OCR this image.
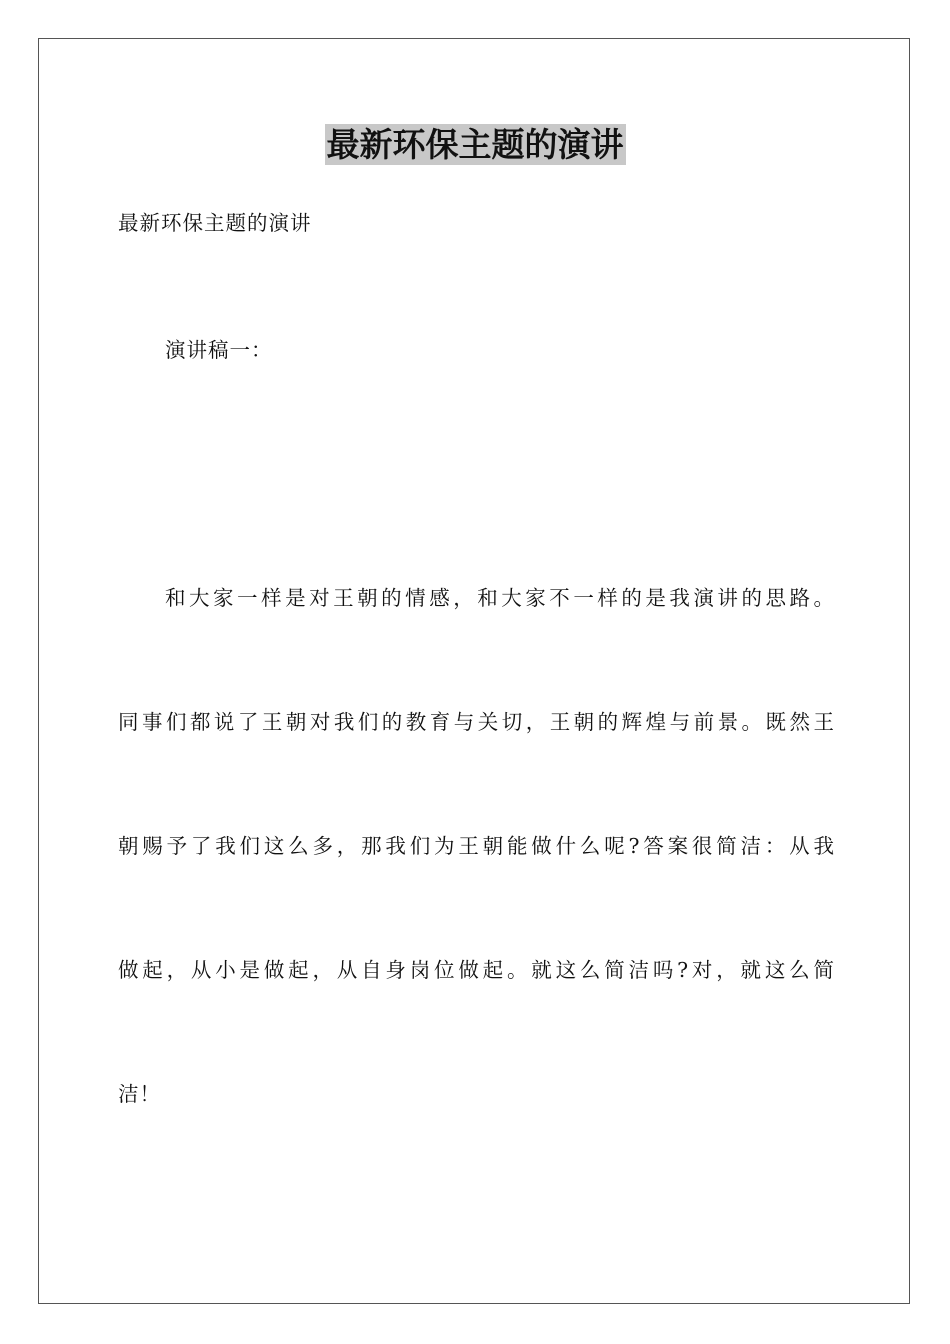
最新环保主题的演讲

最新环保主题的演讲

演讲稿一：

和大家一样是对王朝的情感，和大家不一样的是我演讲的思路。

同事们都说了王朝对我们的教育与关切，王朝的辉煌与前景。既然王

朝赐予了我们这么多，那我们为王朝能做什么呢?答案很简洁：从我

做起，从小是做起，从自身岗位做起。就这么简洁吗?对，就这么简

洁！
